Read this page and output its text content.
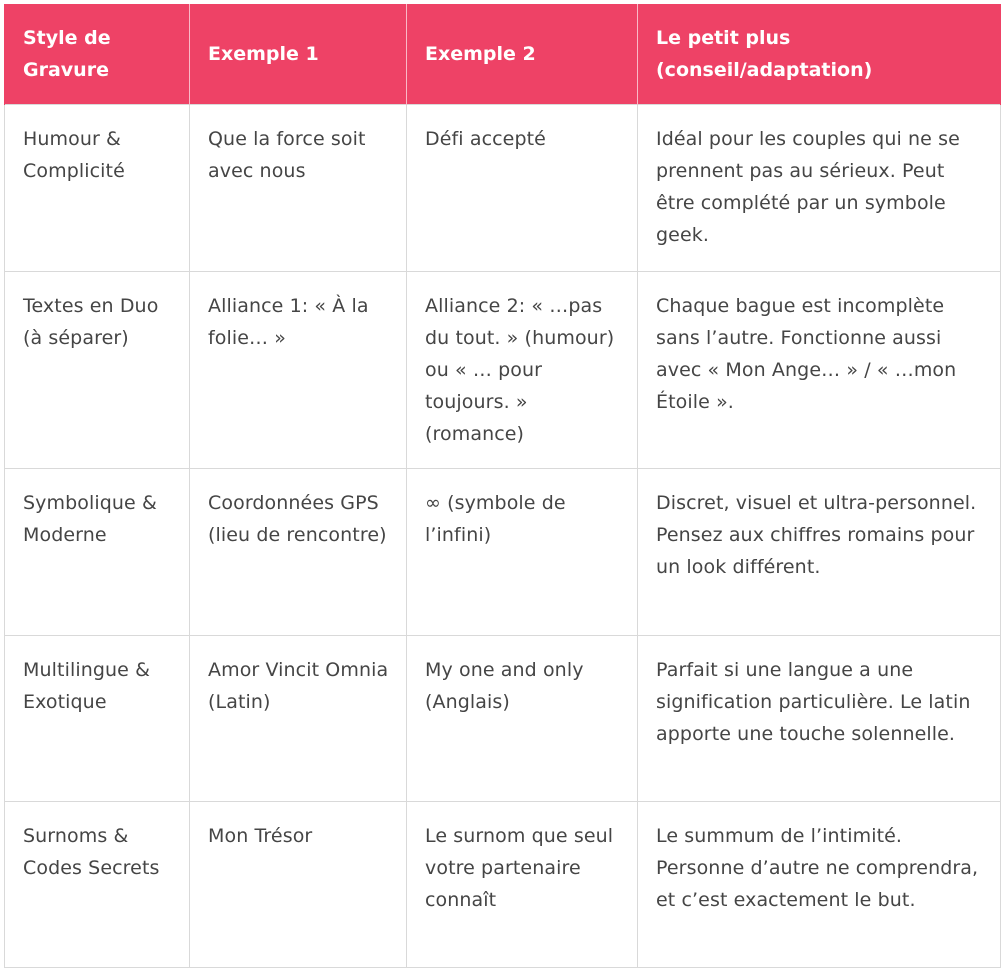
Style de Gravure	Exemple 1	Exemple 2	Le petit plus (conseil/adaptation)
Humour & Complicité	Que la force soit avec nous	Défi accepté	Idéal pour les couples qui ne se prennent pas au sérieux. Peut être complété par un symbole geek.
Textes en Duo (à séparer)	Alliance 1: « À la folie… »	Alliance 2: « …pas du tout. » (humour) ou « … pour toujours. » (romance)	Chaque bague est incomplète sans l’autre. Fonctionne aussi avec « Mon Ange… » / « …mon Étoile ».
Symbolique & Moderne	Coordonnées GPS (lieu de rencontre)	∞ (symbole de l’infini)	Discret, visuel et ultra-personnel. Pensez aux chiffres romains pour un look différent.
Multilingue & Exotique	Amor Vincit Omnia (Latin)	My one and only (Anglais)	Parfait si une langue a une signification particulière. Le latin apporte une touche solennelle.
Surnoms & Codes Secrets	Mon Trésor	Le surnom que seul votre partenaire connaît	Le summum de l’intimité. Personne d’autre ne comprendra, et c’est exactement le but.
